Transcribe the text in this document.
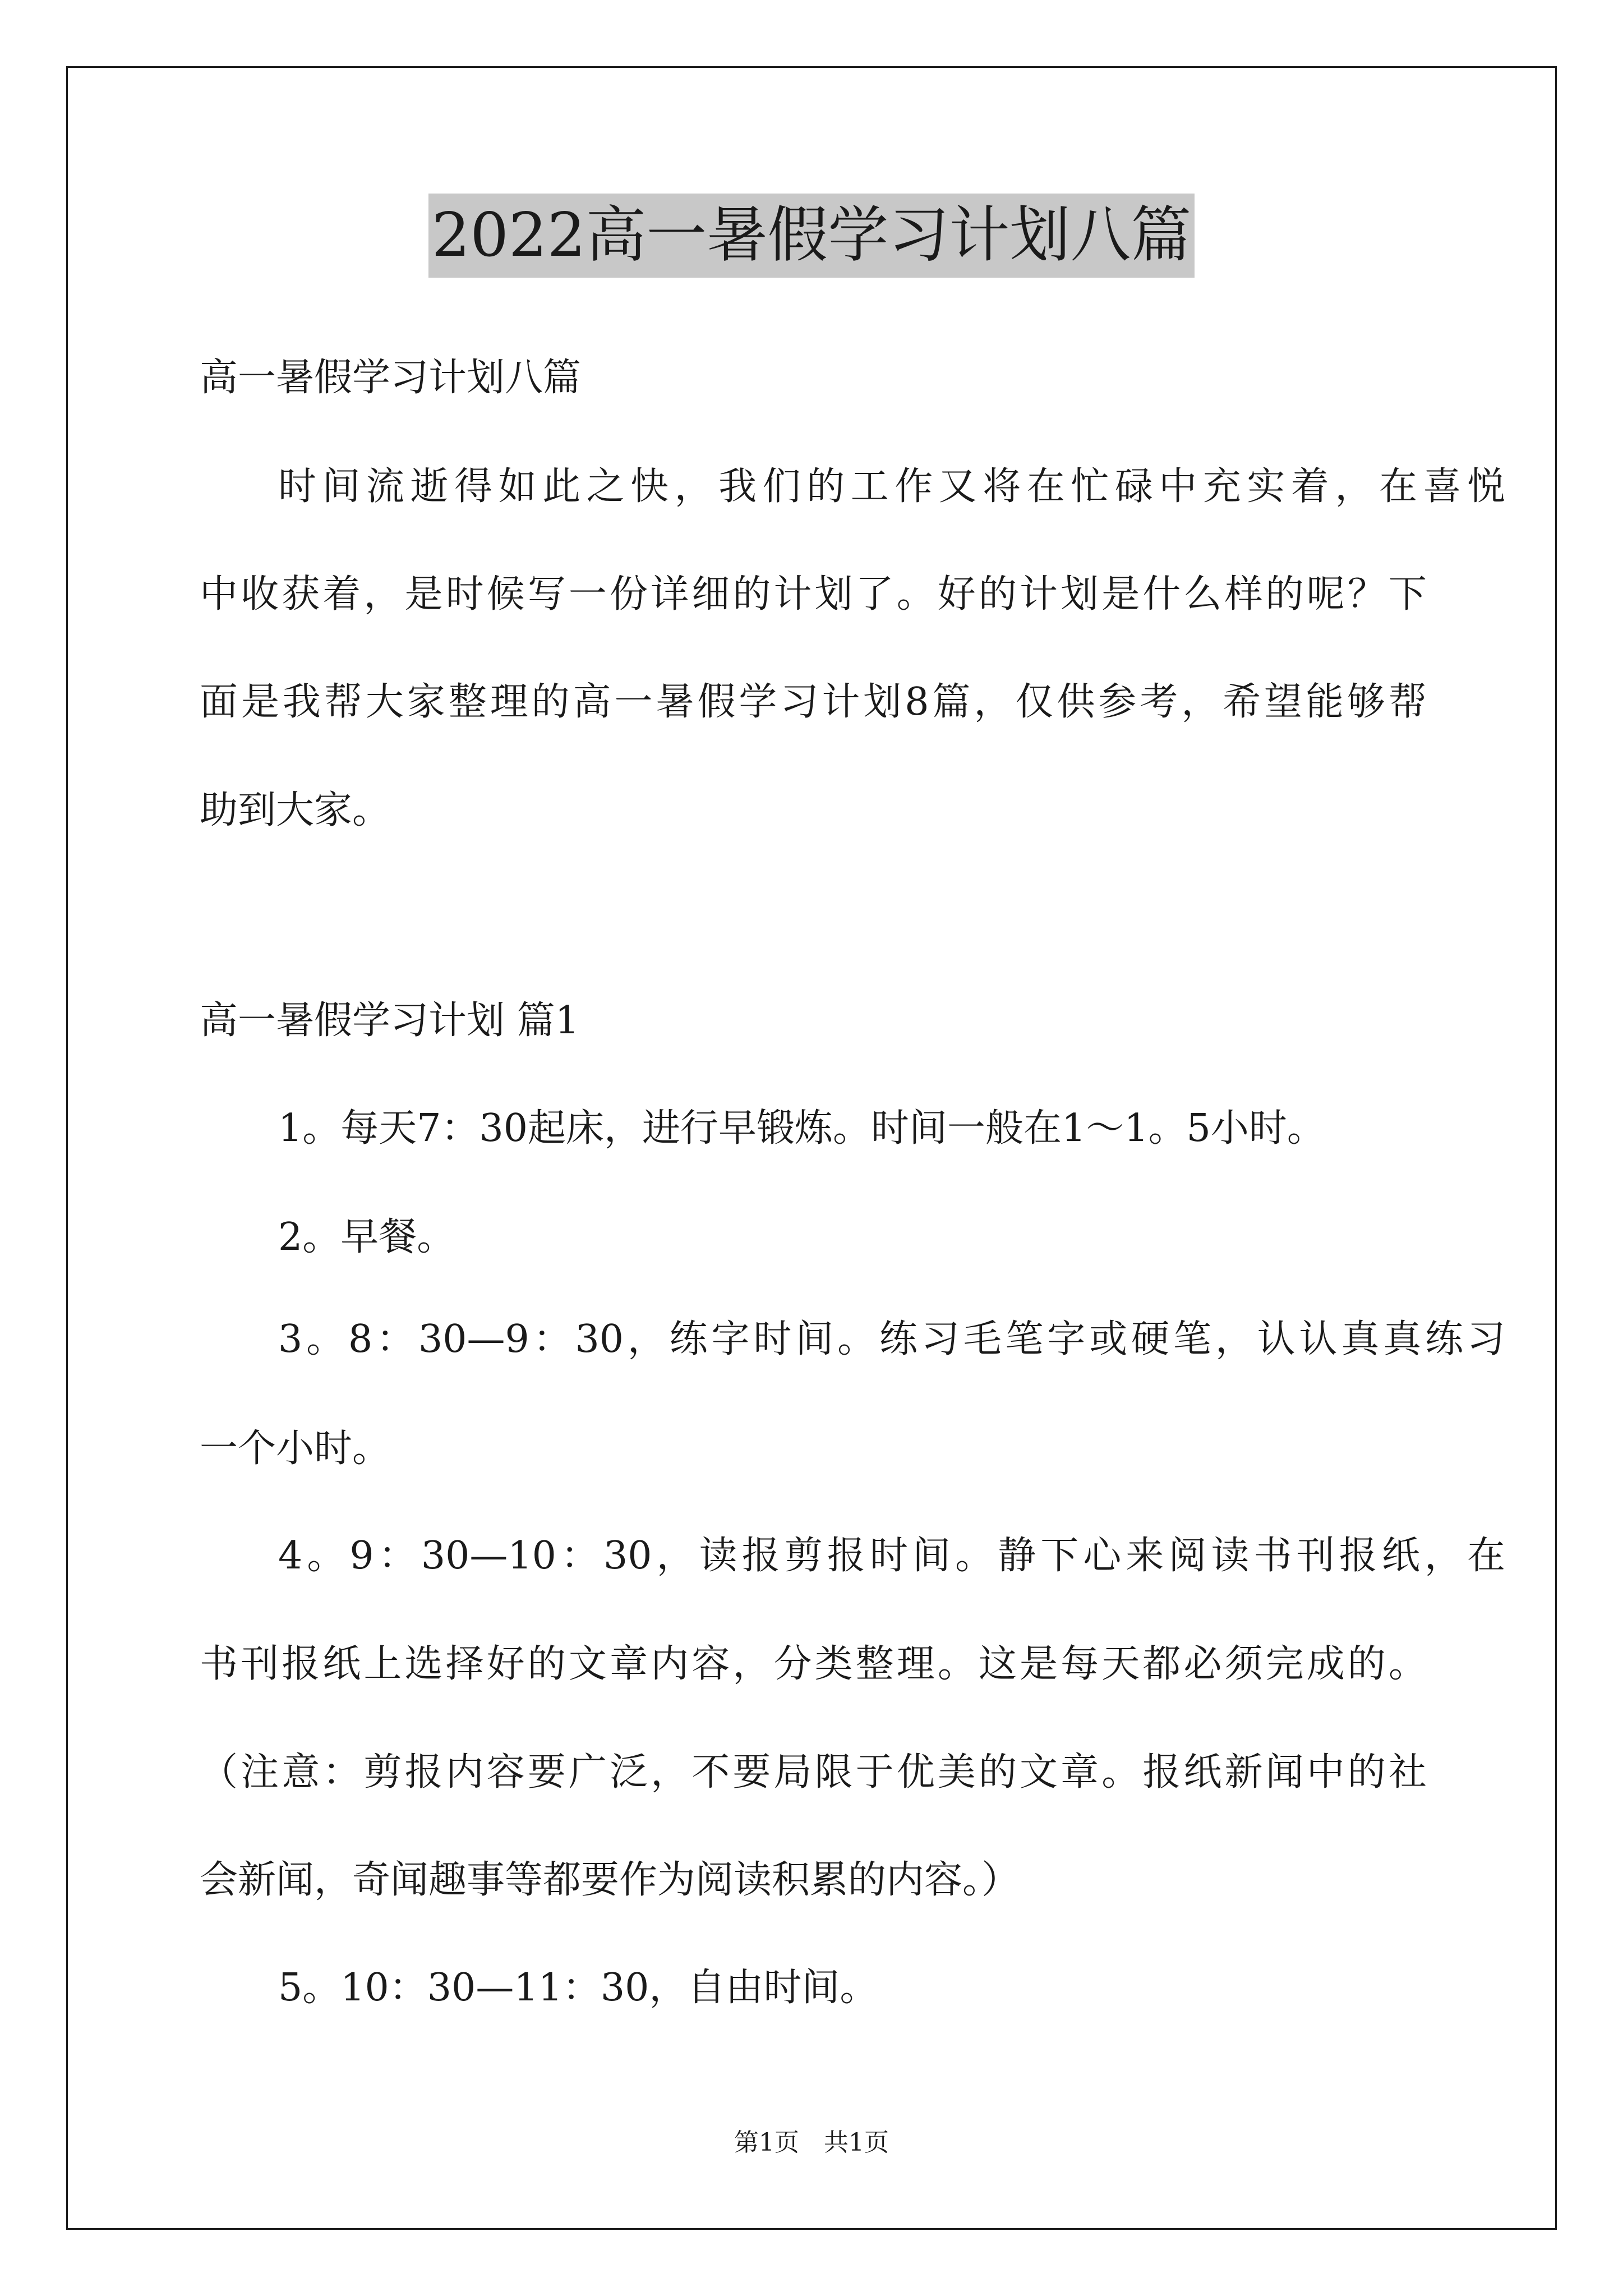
2022高一暑假学习计划八篇
高一暑假学习计划八篇
时间流逝得如此之快，我们的工作又将在忙碌中充实着，在喜悦
中收获着，是时候写一份详细的计划了。好的计划是什么样的呢？下
面是我帮大家整理的高一暑假学习计划8篇，仅供参考，希望能够帮
助到大家。
高一暑假学习计划 篇1
1。每天7：30起床，进行早锻炼。时间一般在1～1。5小时。
2。早餐。
3。8：30—9：30，练字时间。练习毛笔字或硬笔，认认真真练习
一个小时。
4。9：30—10：30，读报剪报时间。静下心来阅读书刊报纸，在
书刊报纸上选择好的文章内容，分类整理。这是每天都必须完成的。
（注意：剪报内容要广泛，不要局限于优美的文章。报纸新闻中的社
会新闻，奇闻趣事等都要作为阅读积累的内容。）
5。10：30—11：30，自由时间。
第1页　共1页
